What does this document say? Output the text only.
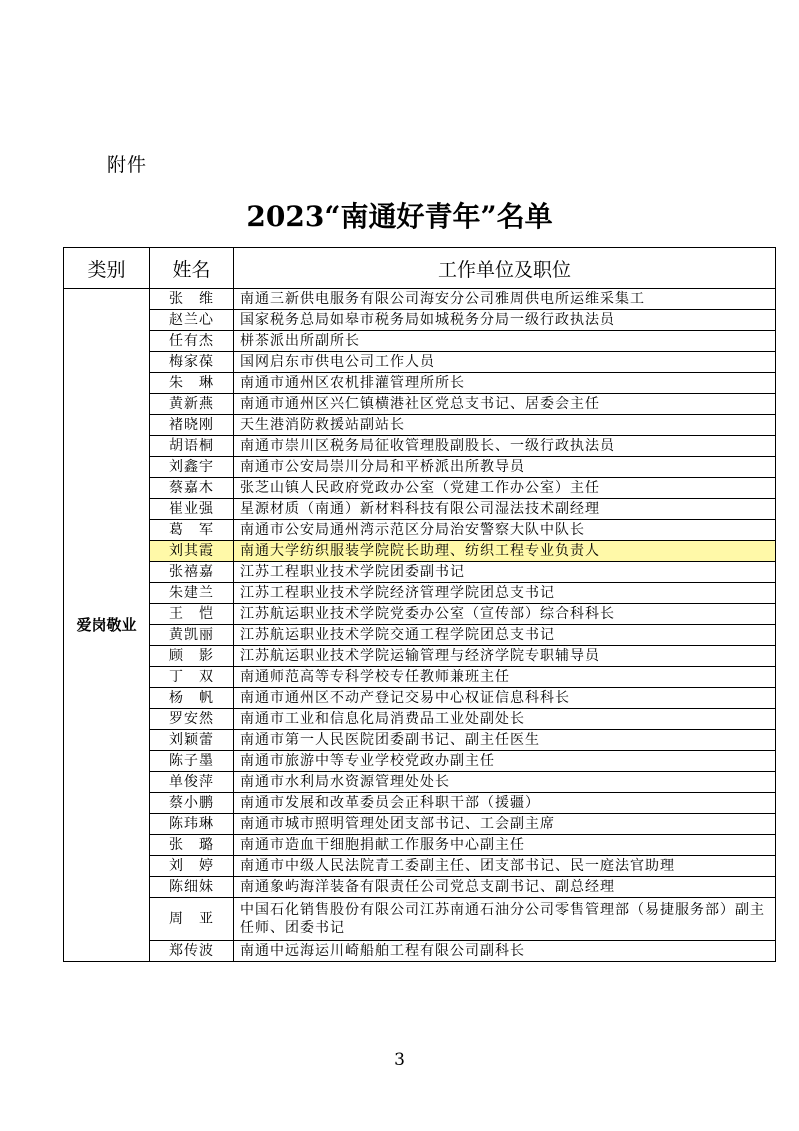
附件
2023“南通好青年”名单
类别	姓名	工作单位及职位
爱岗敬业	张　维	南通三新供电服务有限公司海安分公司雅周供电所运维采集工
	赵兰心	国家税务总局如皋市税务局如城税务分局一级行政执法员
	任有杰	栟茶派出所副所长
	梅家葆	国网启东市供电公司工作人员
	朱　琳	南通市通州区农机排灌管理所所长
	黄新燕	南通市通州区兴仁镇横港社区党总支书记、居委会主任
	褚晓刚	天生港消防救援站副站长
	胡语桐	南通市崇川区税务局征收管理股副股长、一级行政执法员
	刘鑫宇	南通市公安局崇川分局和平桥派出所教导员
	蔡嘉木	张芝山镇人民政府党政办公室（党建工作办公室）主任
	崔业强	星源材质（南通）新材料科技有限公司湿法技术副经理
	葛　军	南通市公安局通州湾示范区分局治安警察大队中队长
	刘其霞	南通大学纺织服装学院院长助理、纺织工程专业负责人
	张禧嘉	江苏工程职业技术学院团委副书记
	朱建兰	江苏工程职业技术学院经济管理学院团总支书记
	王　恺	江苏航运职业技术学院党委办公室（宣传部）综合科科长
	黄凯丽	江苏航运职业技术学院交通工程学院团总支书记
	顾　影	江苏航运职业技术学院运输管理与经济学院专职辅导员
	丁　双	南通师范高等专科学校专任教师兼班主任
	杨　帆	南通市通州区不动产登记交易中心权证信息科科长
	罗安然	南通市工业和信息化局消费品工业处副处长
	刘颖蕾	南通市第一人民医院团委副书记、副主任医生
	陈子墨	南通市旅游中等专业学校党政办副主任
	单俊萍	南通市水利局水资源管理处处长
	蔡小鹏	南通市发展和改革委员会正科职干部（援疆）
	陈玮琳	南通市城市照明管理处团支部书记、工会副主席
	张　璐	南通市造血干细胞捐献工作服务中心副主任
	刘　婷	南通市中级人民法院青工委副主任、团支部书记、民一庭法官助理
	陈细妹	南通象屿海洋装备有限责任公司党总支副书记、副总经理
	周　亚	中国石化销售股份有限公司江苏南通石油分公司零售管理部（易捷服务部）副主任师、团委书记
	郑传波	南通中远海运川崎船舶工程有限公司副科长
3
